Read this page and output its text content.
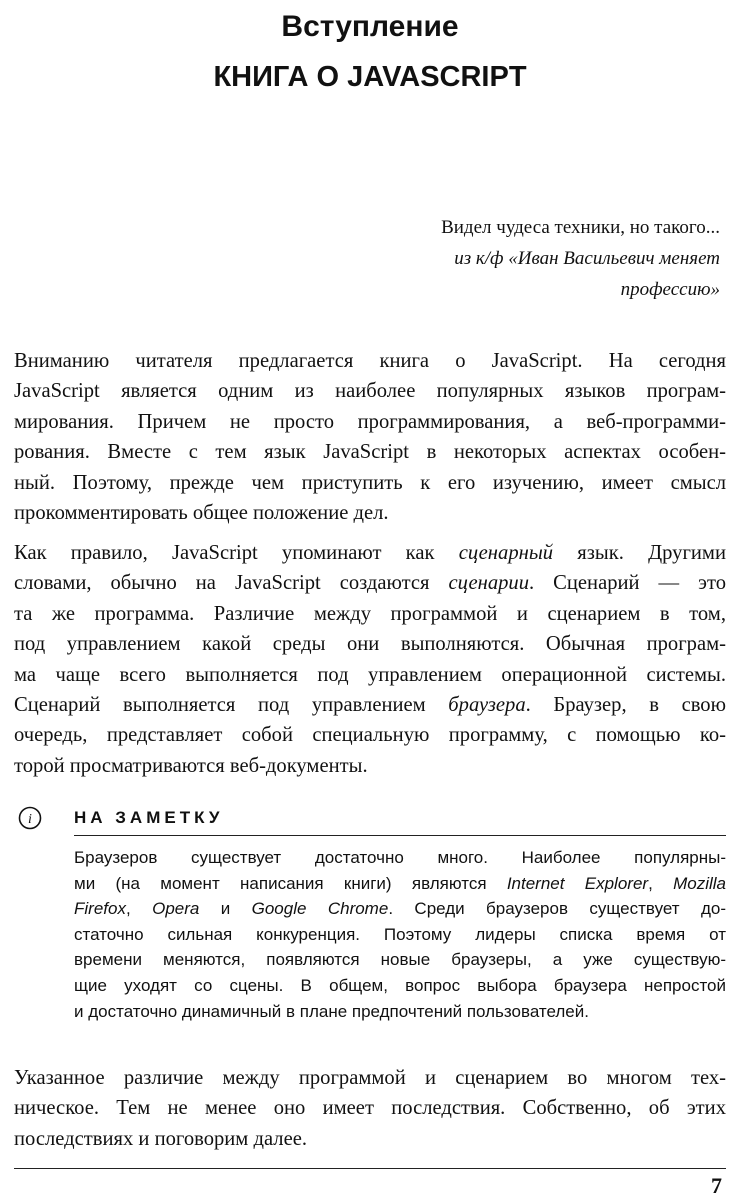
Вступление
КНИГА О JAVASCRIPT
Видел чудеса техники, но такого...
из к/ф «Иван Васильевич меняет
профессию»
Вниманию читателя предлагается книга о JavaScript. На сегодня
JavaScript является одним из наиболее популярных языков програм-
мирования. Причем не просто программирования, а веб-программи-
рования. Вместе с тем язык JavaScript в некоторых аспектах особен-
ный. Поэтому, прежде чем приступить к его изучению, имеет смысл
прокомментировать общее положение дел.
Как правило, JavaScript упоминают как сценарный язык. Другими
словами, обычно на JavaScript создаются сценарии. Сценарий — это
та же программа. Различие между программой и сценарием в том,
под управлением какой среды они выполняются. Обычная програм-
ма чаще всего выполняется под управлением операционной системы.
Сценарий выполняется под управлением браузера. Браузер, в свою
очередь, представляет собой специальную программу, с помощью ко-
торой просматриваются веб-документы.
i НА ЗАМЕТКУ
Браузеров существует достаточно много. Наиболее популярны-
ми (на момент написания книги) являются Internet Explorer, Mozilla
Firefox, Opera и Google Chrome. Среди браузеров существует до-
статочно сильная конкуренция. Поэтому лидеры списка время от
времени меняются, появляются новые браузеры, а уже существую-
щие уходят со сцены. В общем, вопрос выбора браузера непростой
и достаточно динамичный в плане предпочтений пользователей.
Указанное различие между программой и сценарием во многом тех-
ническое. Тем не менее оно имеет последствия. Собственно, об этих
последствиях и поговорим далее.
7
